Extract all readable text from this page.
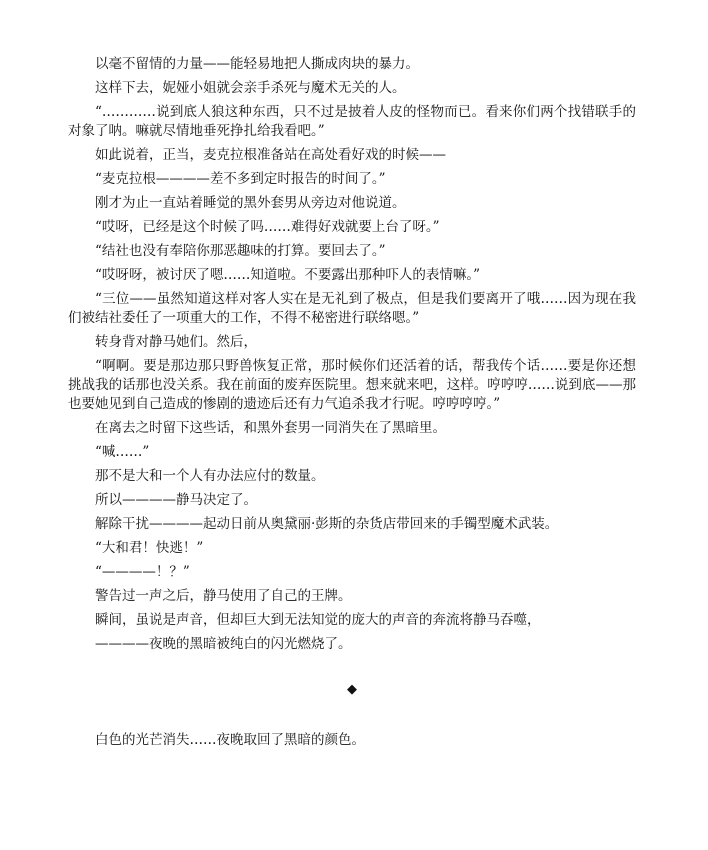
以毫不留情的力量——能轻易地把人撕成肉块的暴力。

这样下去，妮娅小姐就会亲手杀死与魔术无关的人。

“…………说到底人狼这种东西，只不过是披着人皮的怪物而已。看来你们两个找错联手的对象了呐。嘛就尽情地垂死挣扎给我看吧。”

如此说着，正当，麦克拉根准备站在高处看好戏的时候——

“麦克拉根————差不多到定时报告的时间了。”

刚才为止一直站着睡觉的黑外套男从旁边对他说道。

“哎呀，已经是这个时候了吗……难得好戏就要上台了呀。”

“结社也没有奉陪你那恶趣味的打算。要回去了。”

“哎呀呀，被讨厌了嗯……知道啦。不要露出那种吓人的表情嘛。”

“三位——虽然知道这样对客人实在是无礼到了极点，但是我们要离开了哦……因为现在我们被结社委任了一项重大的工作，不得不秘密进行联络嗯。”

转身背对静马她们。然后，

“啊啊。要是那边那只野兽恢复正常，那时候你们还活着的话，帮我传个话……要是你还想挑战我的话那也没关系。我在前面的废弃医院里。想来就来吧，这样。哼哼哼……说到底——那也要她见到自己造成的惨剧的遗迹后还有力气追杀我才行呢。哼哼哼哼。”

在离去之时留下这些话，和黑外套男一同消失在了黑暗里。

“喊……”

那不是大和一个人有办法应付的数量。

所以————静马决定了。

解除干扰————起动日前从奥黛丽·彭斯的杂货店带回来的手镯型魔术武装。

“大和君！快逃！”

“————！？”

警告过一声之后，静马使用了自己的王牌。

瞬间，虽说是声音，但却巨大到无法知觉的庞大的声音的奔流将静马吞噬，

————夜晚的黑暗被纯白的闪光燃烧了。

◆

白色的光芒消失……夜晚取回了黑暗的颜色。
